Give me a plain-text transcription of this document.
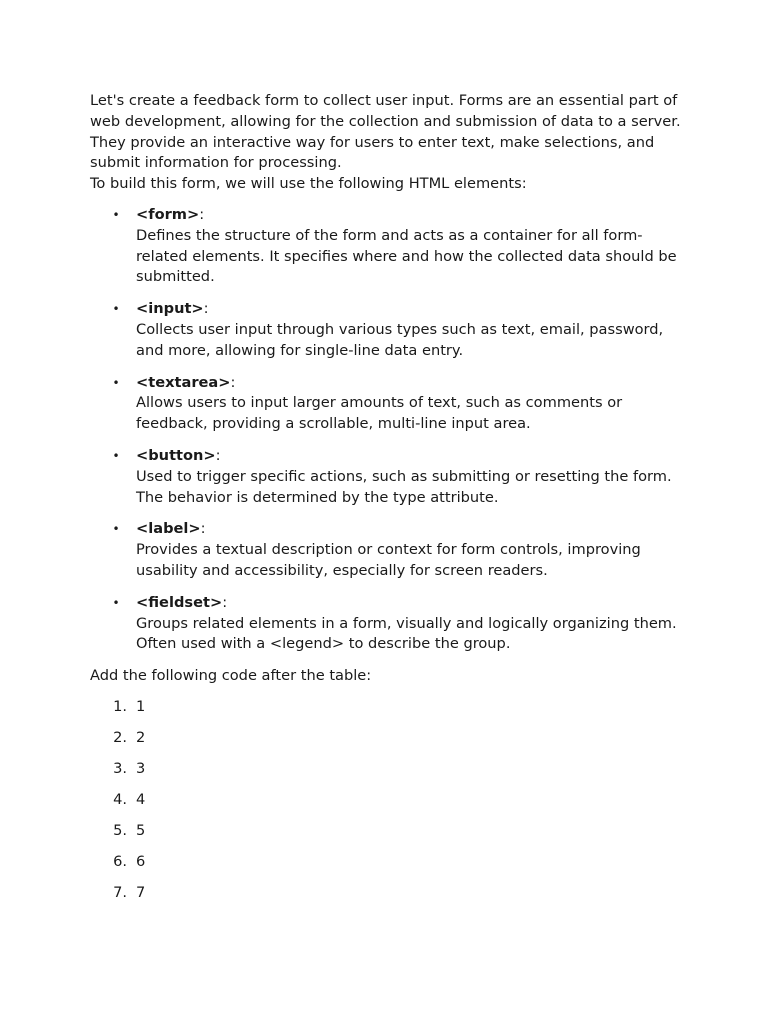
Let's create a feedback form to collect user input. Forms are an essential part of web development, allowing for the collection and submission of data to a server. They provide an interactive way for users to enter text, make selections, and submit information for processing.
To build this form, we will use the following HTML elements:

• <form>:
Defines the structure of the form and acts as a container for all form-related elements. It specifies where and how the collected data should be submitted.
• <input>:
Collects user input through various types such as text, email, password, and more, allowing for single-line data entry.
• <textarea>:
Allows users to input larger amounts of text, such as comments or feedback, providing a scrollable, multi-line input area.
• <button>:
Used to trigger specific actions, such as submitting or resetting the form. The behavior is determined by the type attribute.
• <label>:
Provides a textual description or context for form controls, improving usability and accessibility, especially for screen readers.
• <fieldset>:
Groups related elements in a form, visually and logically organizing them. Often used with a <legend> to describe the group.

Add the following code after the table:

1. 1
2. 2
3. 3
4. 4
5. 5
6. 6
7. 7
